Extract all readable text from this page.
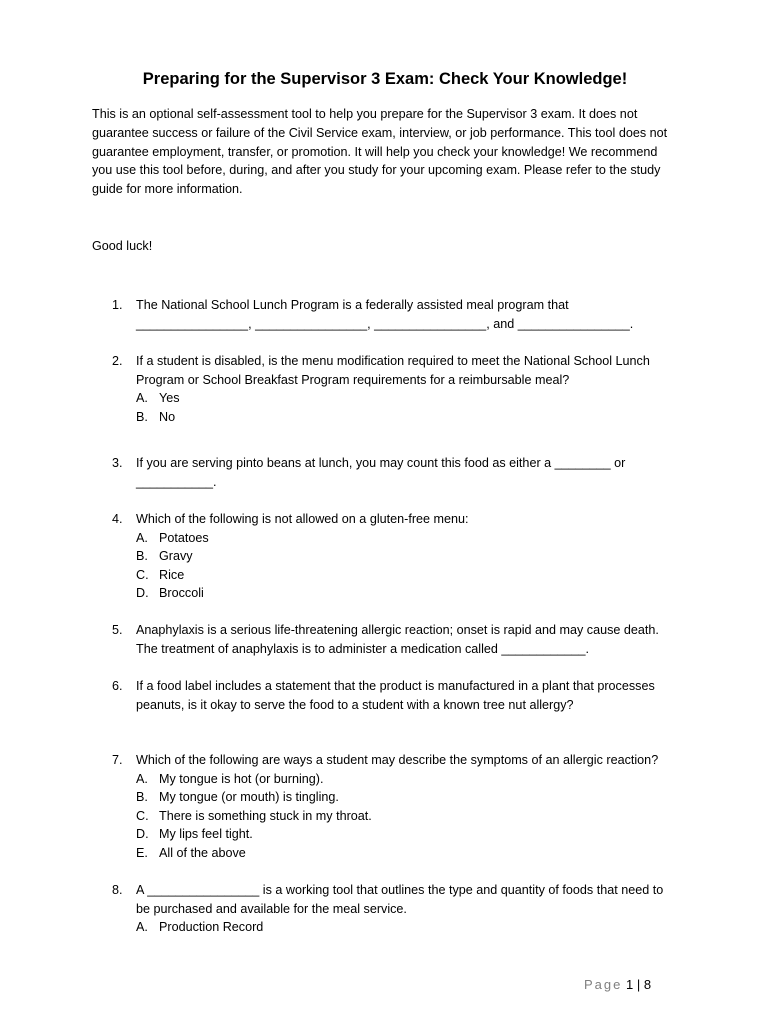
Preparing for the Supervisor 3 Exam: Check Your Knowledge!
This is an optional self-assessment tool to help you prepare for the Supervisor 3 exam. It does not
guarantee success or failure of the Civil Service exam, interview, or job performance. This tool does not
guarantee employment, transfer, or promotion. It will help you check your knowledge! We recommend
you use this tool before, during, and after you study for your upcoming exam. Please refer to the study
guide for more information.
Good luck!
1. The National School Lunch Program is a federally assisted meal program that
________________, ________________, ________________, and ________________.
2. If a student is disabled, is the menu modification required to meet the National School Lunch
Program or School Breakfast Program requirements for a reimbursable meal?
A. Yes
B. No
3. If you are serving pinto beans at lunch, you may count this food as either a ________ or
___________.
4. Which of the following is not allowed on a gluten-free menu:
A. Potatoes
B. Gravy
C. Rice
D. Broccoli
5. Anaphylaxis is a serious life-threatening allergic reaction; onset is rapid and may cause death.
The treatment of anaphylaxis is to administer a medication called ____________.
6. If a food label includes a statement that the product is manufactured in a plant that processes
peanuts, is it okay to serve the food to a student with a known tree nut allergy?
7. Which of the following are ways a student may describe the symptoms of an allergic reaction?
A. My tongue is hot (or burning).
B. My tongue (or mouth) is tingling.
C. There is something stuck in my throat.
D. My lips feel tight.
E. All of the above
8. A ________________ is a working tool that outlines the type and quantity of foods that need to
be purchased and available for the meal service.
A. Production Record
Page 1 | 8
